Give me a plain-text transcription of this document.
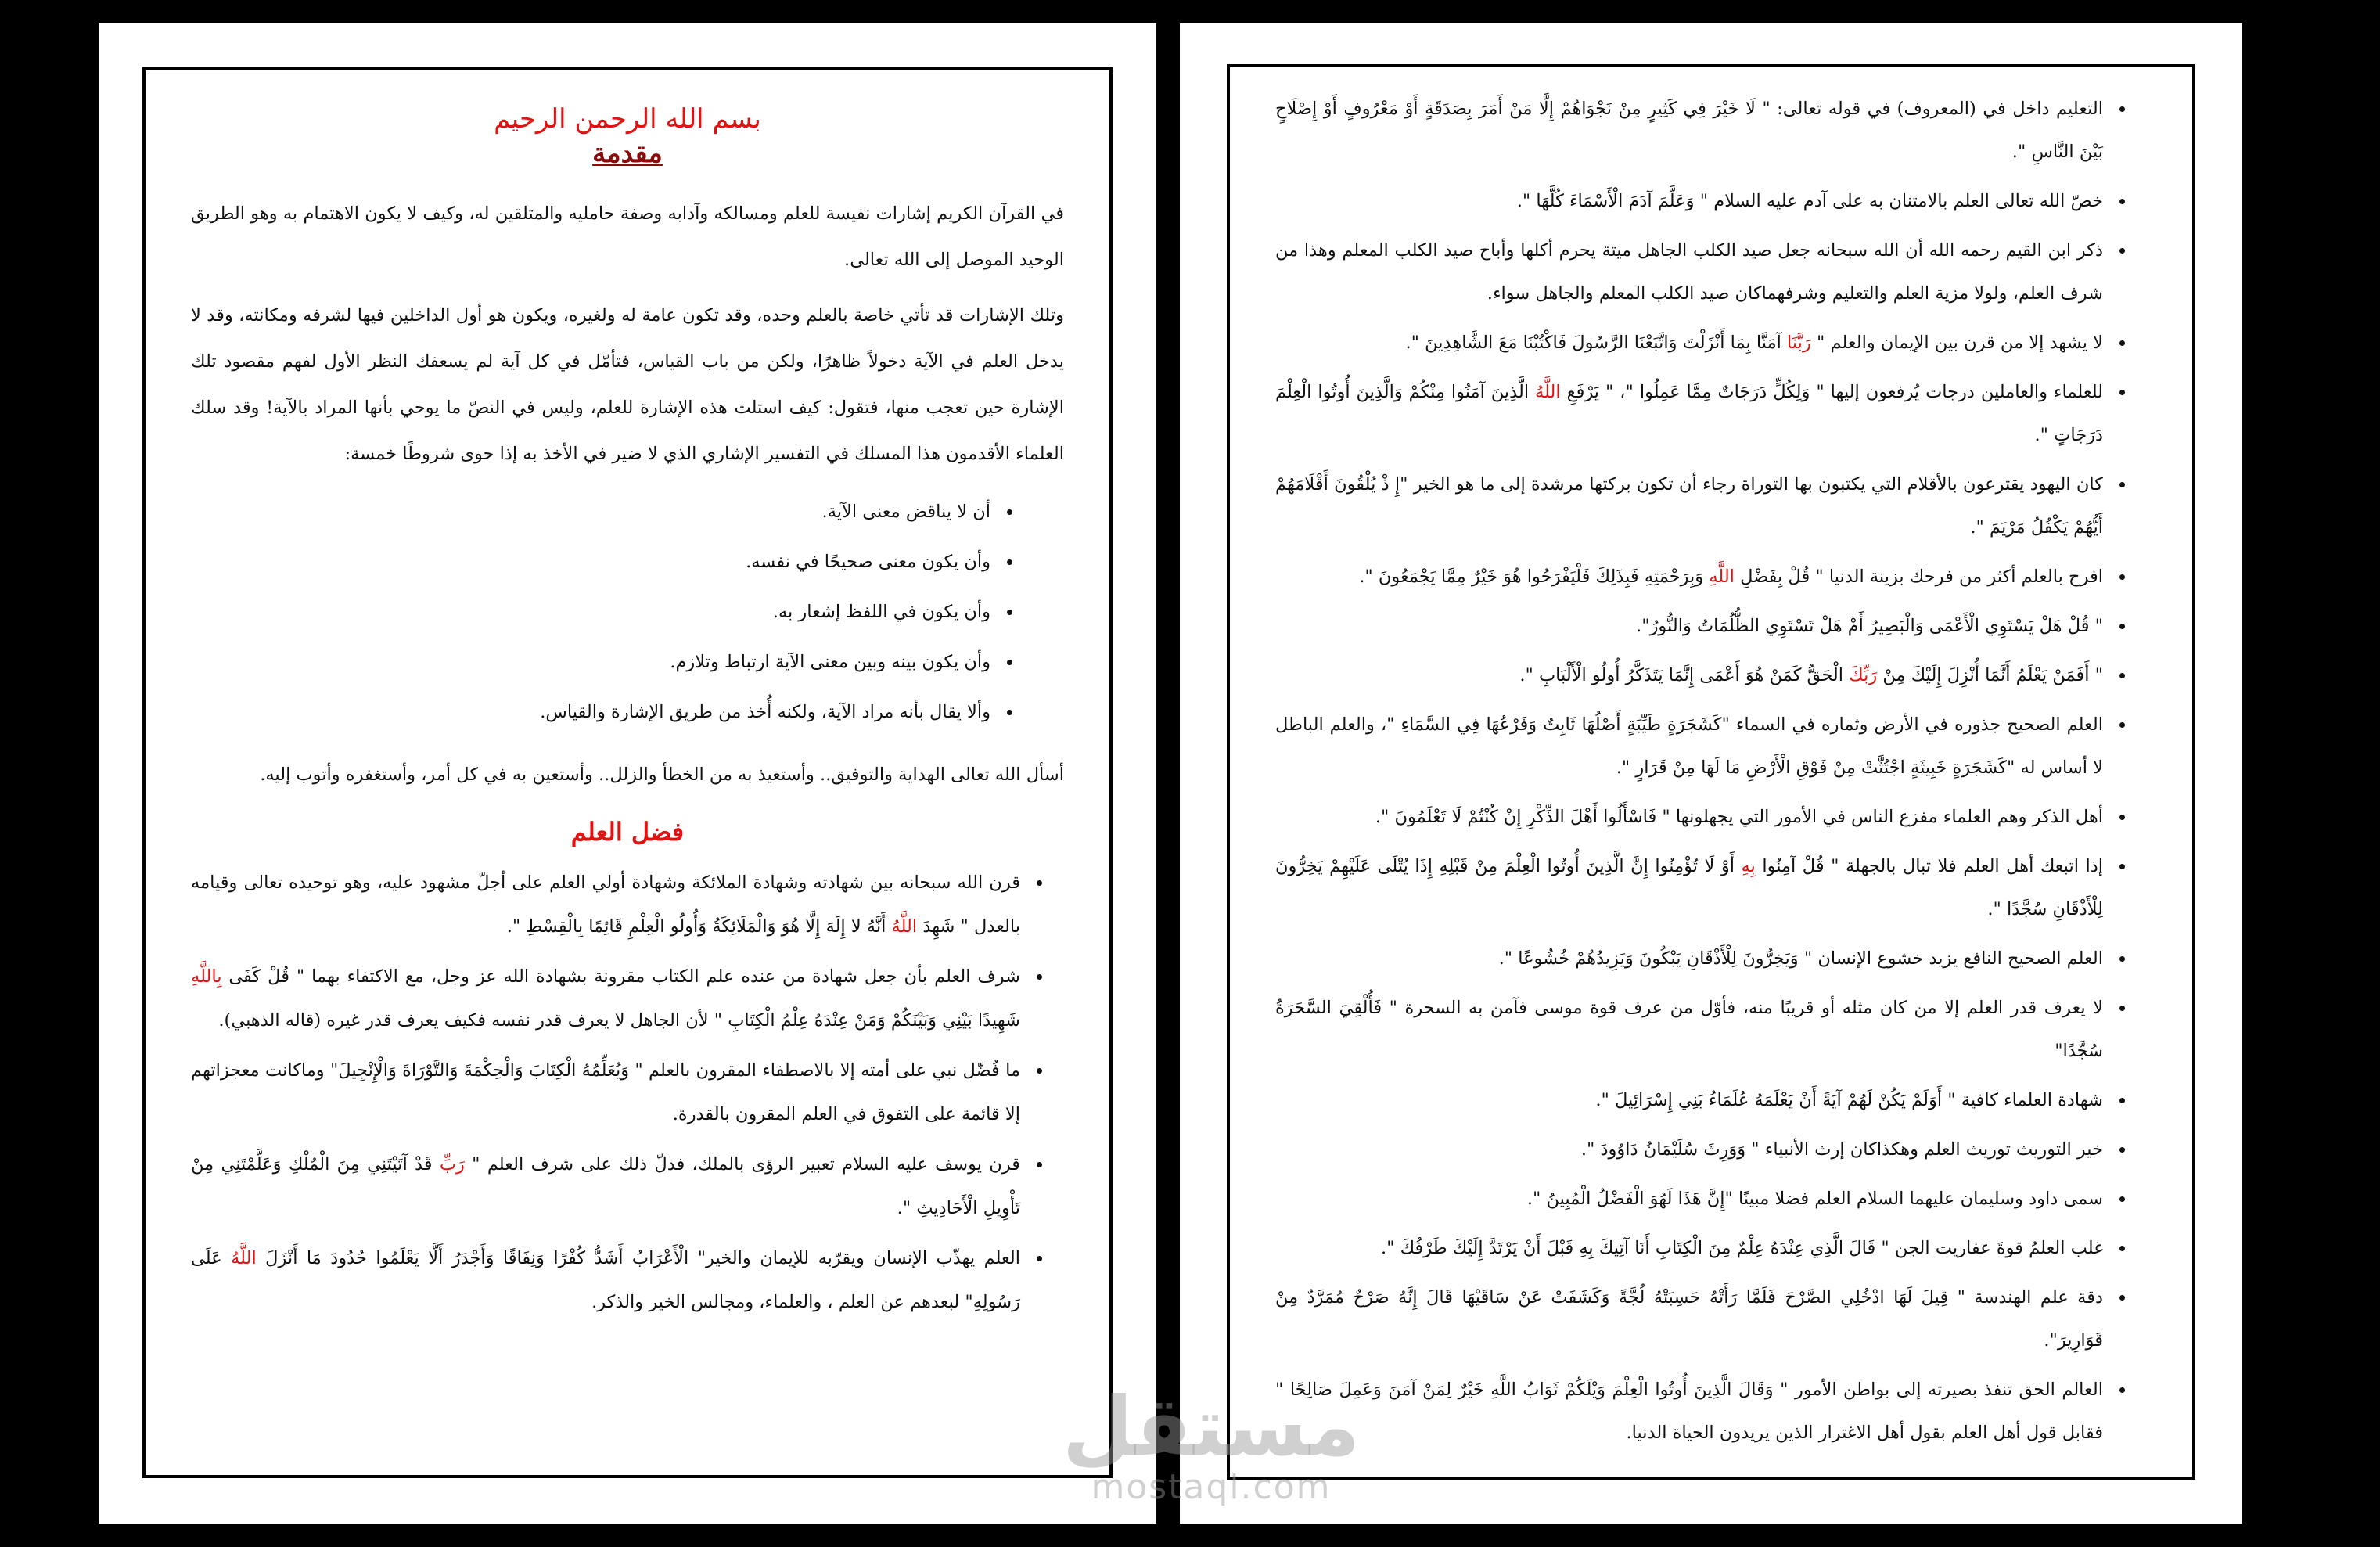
بسم الله الرحمن الرحيم
مقدمة

في القرآن الكريم إشارات نفيسة للعلم ومسالكه وآدابه وصفة حامليه والمتلقين له، وكيف لا يكون الاهتمام به وهو الطريق الوحيد الموصل إلى الله تعالى.

وتلك الإشارات قد تأتي خاصة بالعلم وحده، وقد تكون عامة له ولغيره، ويكون هو أول الداخلين فيها لشرفه ومكانته، وقد لا يدخل العلم في الآية دخولاً ظاهرًا، ولكن من باب القياس، فتأمّل في كل آية لم يسعفك النظر الأول لفهم مقصود تلك الإشارة حين تعجب منها، فتقول: كيف استلت هذه الإشارة للعلم، وليس في النصّ ما يوحي بأنها المراد بالآية! وقد سلك العلماء الأقدمون هذا المسلك في التفسير الإشاري الذي لا ضير في الأخذ به إذا حوى شروطًا خمسة:

• أن لا يناقض معنى الآية.
• وأن يكون معنى صحيحًا في نفسه.
• وأن يكون في اللفظ إشعار به.
• وأن يكون بينه وبين معنى الآية ارتباط وتلازم.
• وألا يقال بأنه مراد الآية، ولكنه أُخذ من طريق الإشارة والقياس.

أسأل الله تعالى الهداية والتوفيق.. وأستعيذ به من الخطأ والزلل.. وأستعين به في كل أمر، وأستغفره وأتوب إليه.

فضل العلم
• قرن الله سبحانه بين شهادته وشهادة الملائكة وشهادة أولي العلم على أجلّ مشهود عليه، وهو توحيده تعالى وقيامه بالعدل " شَهِدَ اللَّهُ أَنَّهُ لا إِلَهَ إِلَّا هُوَ وَالْمَلَائِكَةُ وَأُولُو الْعِلْمِ قَائِمًا بِالْقِسْطِ ".
• شرف العلم بأن جعل شهادة من عنده علم الكتاب مقرونة بشهادة الله عز وجل، مع الاكتفاء بهما " قُلْ كَفَى بِاللَّهِ شَهِيدًا بَيْنِي وَبَيْنَكُمْ وَمَنْ عِنْدَهُ عِلْمُ الْكِتَابِ " لأن الجاهل لا يعرف قدر نفسه فكيف يعرف قدر غيره (قاله الذهبي).
• ما فُضّل نبي على أمته إلا بالاصطفاء المقرون بالعلم " وَيُعَلِّمُهُ الْكِتَابَ وَالْحِكْمَةَ وَالتَّوْرَاةَ وَالْإِنْجِيلَ" وماكانت معجزاتهم إلا قائمة على التفوق في العلم المقرون بالقدرة.
• قرن يوسف عليه السلام تعبير الرؤى بالملك، فدلّ ذلك على شرف العلم " رَبِّ قَدْ آتَيْتَنِي مِنَ الْمُلْكِ وَعَلَّمْتَنِي مِنْ تَأْوِيلِ الْأَحَادِيثِ ".
• العلم يهذّب الإنسان ويقرّبه للإيمان والخير" الْأَعْرَابُ أَشَدُّ كُفْرًا وَنِفَاقًا وَأَجْدَرُ أَلَّا يَعْلَمُوا حُدُودَ مَا أَنْزَلَ اللَّهُ عَلَى رَسُولِهِ" لبعدهم عن العلم ، والعلماء، ومجالس الخير والذكر.
• التعليم داخل في (المعروف) في قوله تعالى: " لَا خَيْرَ فِي كَثِيرٍ مِنْ نَجْوَاهُمْ إِلَّا مَنْ أَمَرَ بِصَدَقَةٍ أَوْ مَعْرُوفٍ أَوْ إِصْلَاحٍ بَيْنَ النَّاسِ ".
• خصّ الله تعالى العلم بالامتنان به على آدم عليه السلام " وَعَلَّمَ آدَمَ الْأَسْمَاءَ كُلَّهَا ".
• ذكر ابن القيم رحمه الله أن الله سبحانه جعل صيد الكلب الجاهل ميتة يحرم أكلها وأباح صيد الكلب المعلم وهذا من شرف العلم، ولولا مزية العلم والتعليم وشرفهماكان صيد الكلب المعلم والجاهل سواء.
• لا يشهد إلا من قرن بين الإيمان والعلم " رَبَّنَا آمَنَّا بِمَا أَنْزَلْتَ وَاتَّبَعْنَا الرَّسُولَ فَاكْتُبْنَا مَعَ الشَّاهِدِينَ ".
• للعلماء والعاملين درجات يُرفعون إليها " وَلِكُلٍّ دَرَجَاتٌ مِمَّا عَمِلُوا "، " يَرْفَعِ اللَّهُ الَّذِينَ آمَنُوا مِنْكُمْ وَالَّذِينَ أُوتُوا الْعِلْمَ دَرَجَاتٍ ".
• كان اليهود يقترعون بالأقلام التي يكتبون بها التوراة رجاء أن تكون بركتها مرشدة إلى ما هو الخير "إِ ذْ يُلْقُونَ أَقْلَامَهُمْ أَيُّهُمْ يَكْفُلُ مَرْيَمَ ".
• افرح بالعلم أكثر من فرحك بزينة الدنيا " قُلْ بِفَضْلِ اللَّهِ وَبِرَحْمَتِهِ فَبِذَلِكَ فَلْيَفْرَحُوا هُوَ خَيْرٌ مِمَّا يَجْمَعُونَ ".
• " قُلْ هَلْ يَسْتَوِي الْأَعْمَى وَالْبَصِيرُ أَمْ هَلْ تَسْتَوِي الظُّلُمَاتُ وَالنُّورُ".
• " أَفَمَنْ يَعْلَمُ أَنَّمَا أُنْزِلَ إِلَيْكَ مِنْ رَبِّكَ الْحَقُّ كَمَنْ هُوَ أَعْمَى إِنَّمَا يَتَذَكَّرُ أُولُو الْأَلْبَابِ ".
• العلم الصحيح جذوره في الأرض وثماره في السماء "كَشَجَرَةٍ طَيِّبَةٍ أَصْلُهَا ثَابِتٌ وَفَرْعُهَا فِي السَّمَاءِ "، والعلم الباطل لا أساس له "كَشَجَرَةٍ خَبِيثَةٍ اجْتُثَّتْ مِنْ فَوْقِ الْأَرْضِ مَا لَهَا مِنْ قَرَارٍ ".
• أهل الذكر وهم العلماء مفزع الناس في الأمور التي يجهلونها " فَاسْأَلُوا أَهْلَ الذِّكْرِ إِنْ كُنْتُمْ لَا تَعْلَمُونَ ".
• إذا اتبعك أهل العلم فلا تبال بالجهلة " قُلْ آمِنُوا بِهِ أَوْ لَا تُؤْمِنُوا إِنَّ الَّذِينَ أُوتُوا الْعِلْمَ مِنْ قَبْلِهِ إِذَا يُتْلَى عَلَيْهِمْ يَخِرُّونَ لِلْأَذْقَانِ سُجَّدًا ".
• العلم الصحيح النافع يزيد خشوع الإنسان " وَيَخِرُّونَ لِلْأَذْقَانِ يَبْكُونَ وَيَزِيدُهُمْ خُشُوعًا ".
• لا يعرف قدر العلم إلا من كان مثله أو قريبًا منه، فأوّل من عرف قوة موسى فآمن به السحرة " فَأُلْقِيَ السَّحَرَةُ سُجَّدًا"
• شهادة العلماء كافية " أَوَلَمْ يَكُنْ لَهُمْ آيَةً أَنْ يَعْلَمَهُ عُلَمَاءُ بَنِي إِسْرَائِيلَ ".
• خير التوريث توريث العلم وهكذاكان إرث الأنبياء " وَوَرِثَ سُلَيْمَانُ دَاوُودَ ".
• سمى داود وسليمان عليهما السلام العلم فضلا مبينًا "إِنَّ هَذَا لَهُوَ الْفَضْلُ الْمُبِينُ ".
• غلب العلمُ قوةَ عفاريت الجن " قَالَ الَّذِي عِنْدَهُ عِلْمٌ مِنَ الْكِتَابِ أَنَا آتِيكَ بِهِ قَبْلَ أَنْ يَرْتَدَّ إِلَيْكَ طَرْفُكَ ".
• دقة علم الهندسة " قِيلَ لَهَا ادْخُلِي الصَّرْحَ فَلَمَّا رَأَتْهُ حَسِبَتْهُ لُجَّةً وَكَشَفَتْ عَنْ سَاقَيْهَا قَالَ إِنَّهُ صَرْحٌ مُمَرَّدٌ مِنْ قَوَارِيرَ".
• العالم الحق تنفذ بصيرته إلى بواطن الأمور " وَقَالَ الَّذِينَ أُوتُوا الْعِلْمَ وَيْلَكُمْ ثَوَابُ اللَّهِ خَيْرٌ لِمَنْ آمَنَ وَعَمِلَ صَالِحًا " فقابل قول أهل العلم بقول أهل الاغترار الذين يريدون الحياة الدنيا.
مستقل
mostaql.com
